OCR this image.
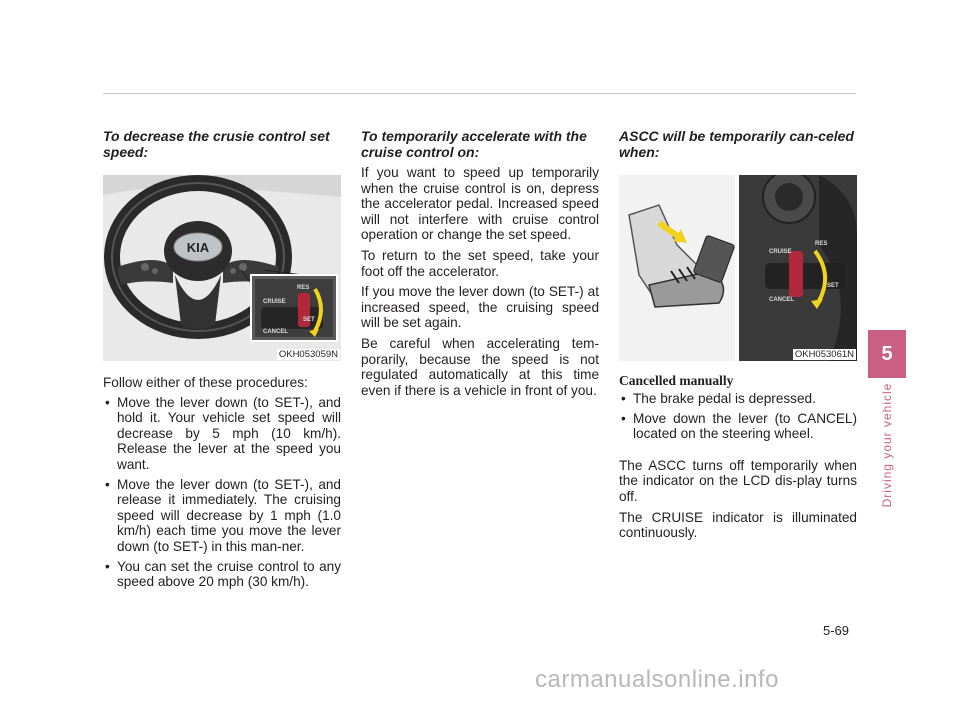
To decrease the crusie control set speed:
KIA
CRUISE
RES
CANCEL
SET
OKH053059N

Follow either of these procedures:

• Move the lever down (to SET-), and hold it. Your vehicle set speed will decrease by 5 mph (10 km/h). Release the lever at the speed you want.
• Move the lever down (to SET-), and release it immediately. The cruising speed will decrease by 1 mph (1.0 km/h) each time you move the lever down (to SET-) in this man-ner.
• You can set the cruise control to any speed above 20 mph (30 km/h).
To temporarily accelerate with the cruise control on:

If you want to speed up temporarily when the cruise control is on, depress the accelerator pedal. Increased speed will not interfere with cruise control operation or change the set speed.

To return to the set speed, take your foot off the accelerator.

If you move the lever down (to SET-) at increased speed, the cruising speed will be set again.

Be careful when accelerating tem-porarily, because the speed is not regulated automatically at this time even if there is a vehicle in front of you.

ASCC will be temporarily can-celed when:
CRUISE
RES
CANCEL
SET
OKH053061N
Cancelled manually
• The brake pedal is depressed.
• Move down the lever (to CANCEL) located on the steering wheel.

The ASCC turns off temporarily when the indicator on the LCD dis-play turns off.

The CRUISE indicator is illuminated continuously.

5
Driving your vehicle
5-69
carmanualsonline.info
